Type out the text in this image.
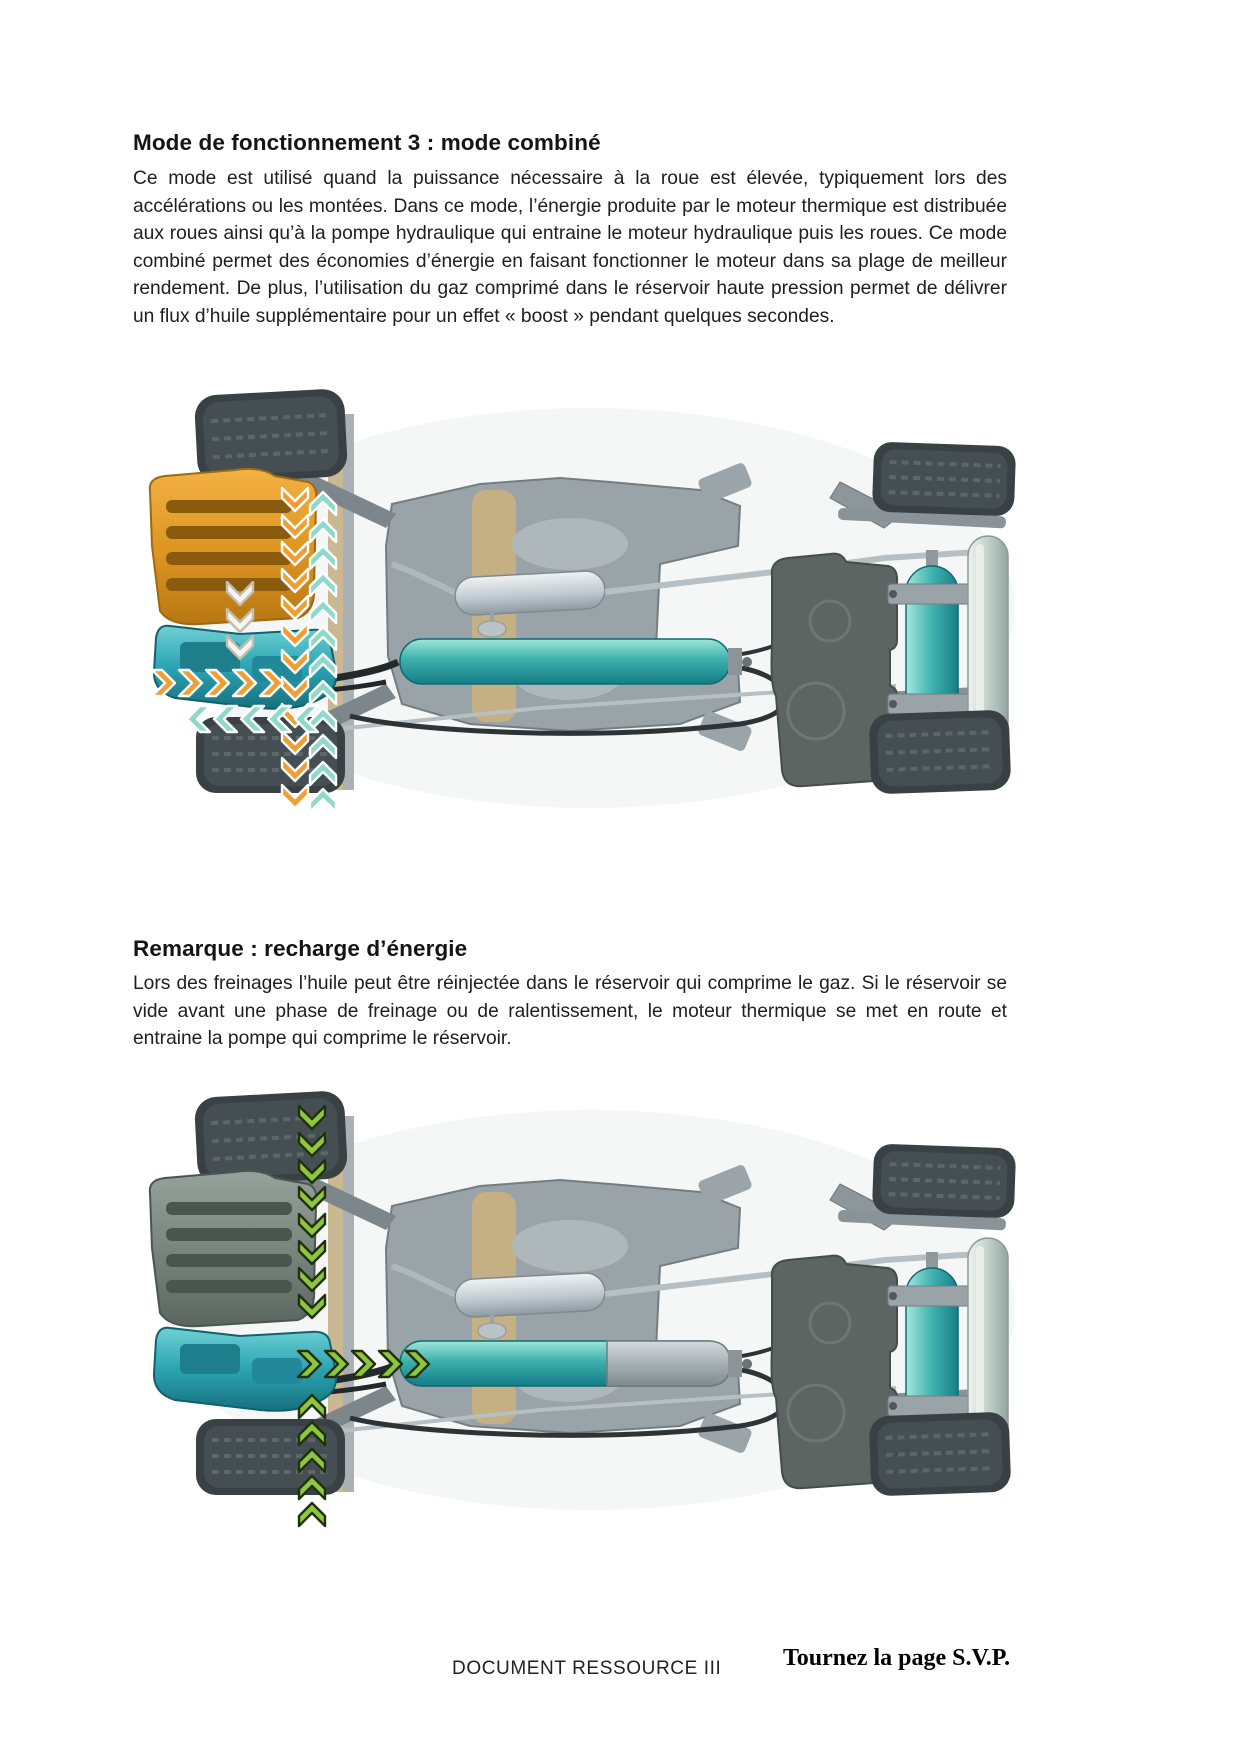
Mode de fonctionnement 3 : mode combiné

Ce mode est utilisé quand la puissance nécessaire à la roue est élevée, typiquement lors des accélérations ou les montées. Dans ce mode, l’énergie produite par le moteur thermique est distribuée aux roues ainsi qu’à la pompe hydraulique qui entraine le moteur hydraulique puis les roues. Ce mode combiné permet des économies d’énergie en faisant fonctionner le moteur dans sa plage de meilleur rendement. De plus, l’utilisation du gaz comprimé dans le réservoir haute pression permet de délivrer un flux d’huile supplémentaire pour un effet « boost » pendant quelques secondes.

Remarque : recharge d’énergie

Lors des freinages l’huile peut être réinjectée dans le réservoir qui comprime le gaz. Si le réservoir se vide avant une phase de freinage ou de ralentissement, le moteur thermique se met en route et entraine la pompe qui comprime le réservoir.

DOCUMENT RESSOURCE III	Tournez la page S.V.P.
